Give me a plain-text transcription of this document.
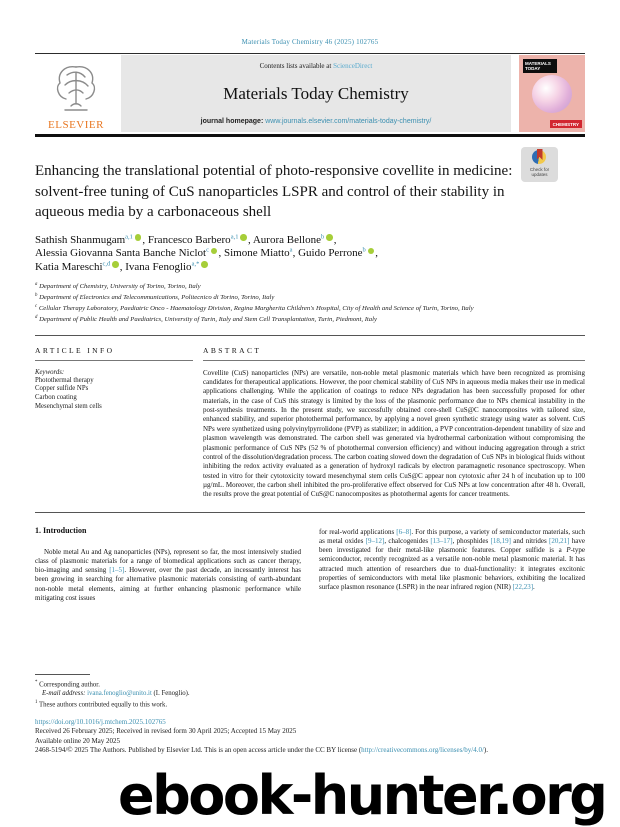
Materials Today Chemistry 46 (2025) 102765
ELSEVIER
Contents lists available at ScienceDirect
Materials Today Chemistry
journal homepage: www.journals.elsevier.com/materials-today-chemistry/
MATERIALS TODAY
CHEMISTRY
Enhancing the translational potential of photo-responsive covellite in medicine: solvent-free tuning of CuS nanoparticles LSPR and control of their stability in aqueous media by a carbonaceous shell
Check for
updates
Sathish Shanmugam$^{a,1}$ , Francesco Barbero$^{a,1}$ , Aurora Bellone$^b$ ,
Alessia Giovanna Santa Banche Niclot$^c$ , Simone Miatto$^a$, Guido Perrone$^b$ ,
Katia Mareschi$^{c,d}$ , Ivana Fenoglio$^{a,*}$
$^a$ Department of Chemistry, University of Torino, Torino, Italy
$^b$ Department of Electronics and Telecommunications, Politecnico di Torino, Torino, Italy
$^c$ Cellular Therapy Laboratory, Paediatric Onco - Haematology Division, Regina Margherita Children's Hospital, City of Health and Science of Turin, Torino, Italy
$^d$ Department of Public Health and Paediatrics, University of Turin, Italy and Stem Cell Transplantation, Turin, Piedmont, Italy
ARTICLE INFO
Keywords:
Photothermal therapy
Copper sulfide NPs
Carbon coating
Mesenchymal stem cells
ABSTRACT
Covellite (CuS) nanoparticles (NPs) are versatile, non-noble metal plasmonic materials which have been recognized as promising candidates for therapeutical applications. However, the poor chemical stability of CuS NPs in aqueous media makes their use in medical applications challenging. While the application of coatings to reduce NPs degradation has been successfully proposed for other materials, in the case of CuS this strategy is limited by the loss of the plasmonic performance due to NPs chemical instability in the post-synthesis treatments. In the present study, we successfully obtained core-shell CuS@C nanocomposites with tailored size, enhanced stability, and superior photothermal performance, by applying a novel green synthetic strategy using water as solvent. CuS NPs were synthetized using polyvinylpyrrolidone (PVP) as stabilizer; in addition, a PVP concentration-dependent tunability of size and plasmon wavelength was demonstrated. The carbon shell was generated via hydrothermal carbonization without compromising the plasmonic performance of CuS NPs (52 % of photothermal conversion efficiency) and without inducing aggregation through a strict control of the dissolution/degradation process. The carbon coating slowed down the degradation of CuS NPs in biological fluids without inhibiting the redox activity evaluated as a generation of hydroxyl radicals by electron paramagnetic resonance spectroscopy. When tested in vitro for their cytotoxicity toward mesenchymal stem cells CuS@C appear non cytotoxic after 24 h of incubation up to 100 µg/mL. Moreover, the carbon shell inhibited the pro-proliferative effect observed for CuS NPs at low concentration after 48 h. Overall, the results prove the great potential of CuS@C nanocomposites as photothermal agents for cancer treatments.
1. Introduction

Noble metal Au and Ag nanoparticles (NPs), represent so far, the most intensively studied class of plasmonic materials for a range of biomedical applications such as cancer therapy, bio-imaging and sensing [1–5]. However, over the past decade, an incessantly interest has been growing in searching for alternative plasmonic materials consisting of earth-abundant non-noble metal elements, aiming at further enhancing plasmonic performance while mitigating cost issues

for real-world applications [6–8]. For this purpose, a variety of semiconductor materials, such as metal oxides [9–12], chalcogenides [13–17], phosphides [18,19] and nitrides [20,21] have been investigated for their metal-like plasmonic features. Copper sulfide is a P-type semiconductor, recently recognized as a versatile non-noble metal plasmonic material. It has attracted much attention of researchers due to dual-functionality: it integrates excitonic properties of semiconductors with metal like plasmonic behaviors, exhibiting the localized surface plasmon resonance (LSPR) in the near infrared region (NIR) [22,23].

* Corresponding author.
E-mail address: ivana.fenoglio@unito.it (I. Fenoglio).
$^1$ These authors contributed equally to this work.
https://doi.org/10.1016/j.mtchem.2025.102765
Received 26 February 2025; Received in revised form 30 April 2025; Accepted 15 May 2025
Available online 20 May 2025
2468-5194/© 2025 The Authors. Published by Elsevier Ltd. This is an open access article under the CC BY license (http://creativecommons.org/licenses/by/4.0/).
ebook-hunter.org
